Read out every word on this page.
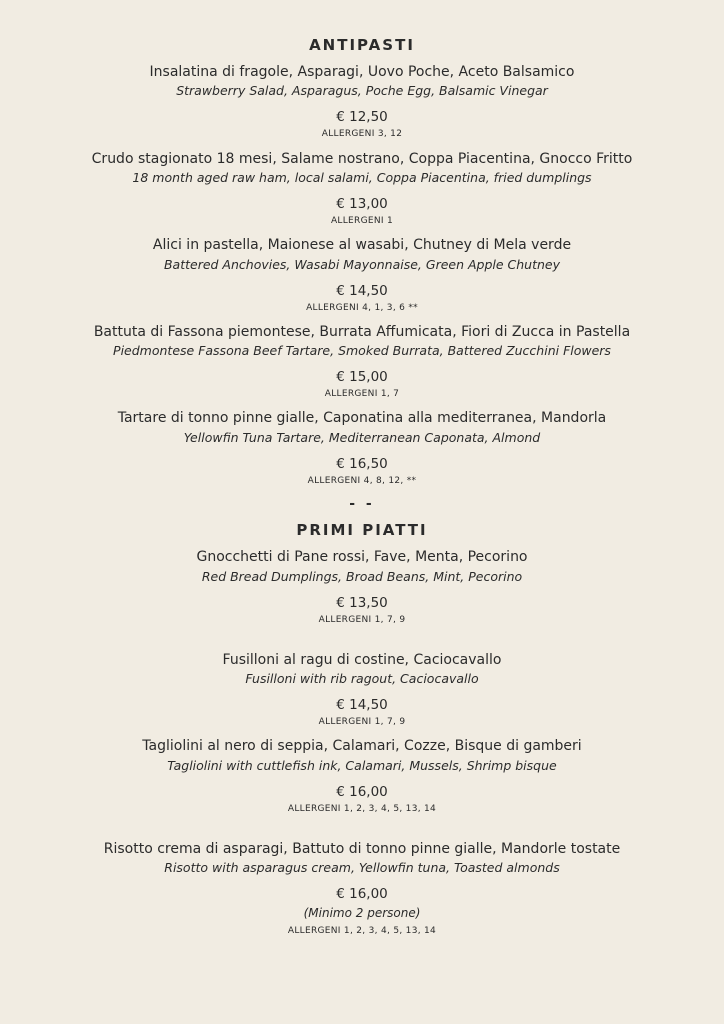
ANTIPASTI
Insalatina di fragole, Asparagi, Uovo Poche, Aceto Balsamico
Strawberry Salad, Asparagus, Poche Egg, Balsamic Vinegar
€ 12,50
ALLERGENI 3, 12
Crudo stagionato 18 mesi, Salame nostrano, Coppa Piacentina, Gnocco Fritto
18 month aged raw ham, local salami, Coppa Piacentina, fried dumplings
€ 13,00
ALLERGENI 1
Alici in pastella, Maionese al wasabi, Chutney di Mela verde
Battered Anchovies, Wasabi Mayonnaise, Green Apple Chutney
€ 14,50
ALLERGENI 4, 1, 3, 6 **
Battuta di Fassona piemontese, Burrata Affumicata, Fiori di Zucca in Pastella
Piedmontese Fassona Beef Tartare, Smoked Burrata, Battered Zucchini Flowers
€ 15,00
ALLERGENI 1, 7
Tartare di tonno pinne gialle, Caponatina alla mediterranea, Mandorla
Yellowfin Tuna Tartare, Mediterranean Caponata, Almond
€ 16,50
ALLERGENI 4, 8, 12, **
- -
PRIMI PIATTI
Gnocchetti di Pane rossi, Fave, Menta, Pecorino
Red Bread Dumplings, Broad Beans, Mint, Pecorino
€ 13,50
ALLERGENI 1, 7, 9
Fusilloni al ragu di costine, Caciocavallo
Fusilloni with rib ragout, Caciocavallo
€ 14,50
ALLERGENI 1, 7, 9
Tagliolini al nero di seppia, Calamari, Cozze, Bisque di gamberi
Tagliolini with cuttlefish ink, Calamari, Mussels, Shrimp bisque
€ 16,00
ALLERGENI 1, 2, 3, 4, 5, 13, 14
Risotto crema di asparagi, Battuto di tonno pinne gialle, Mandorle tostate
Risotto with asparagus cream, Yellowfin tuna, Toasted almonds
€ 16,00
(Minimo 2 persone)
ALLERGENI 1, 2, 3, 4, 5, 13, 14
